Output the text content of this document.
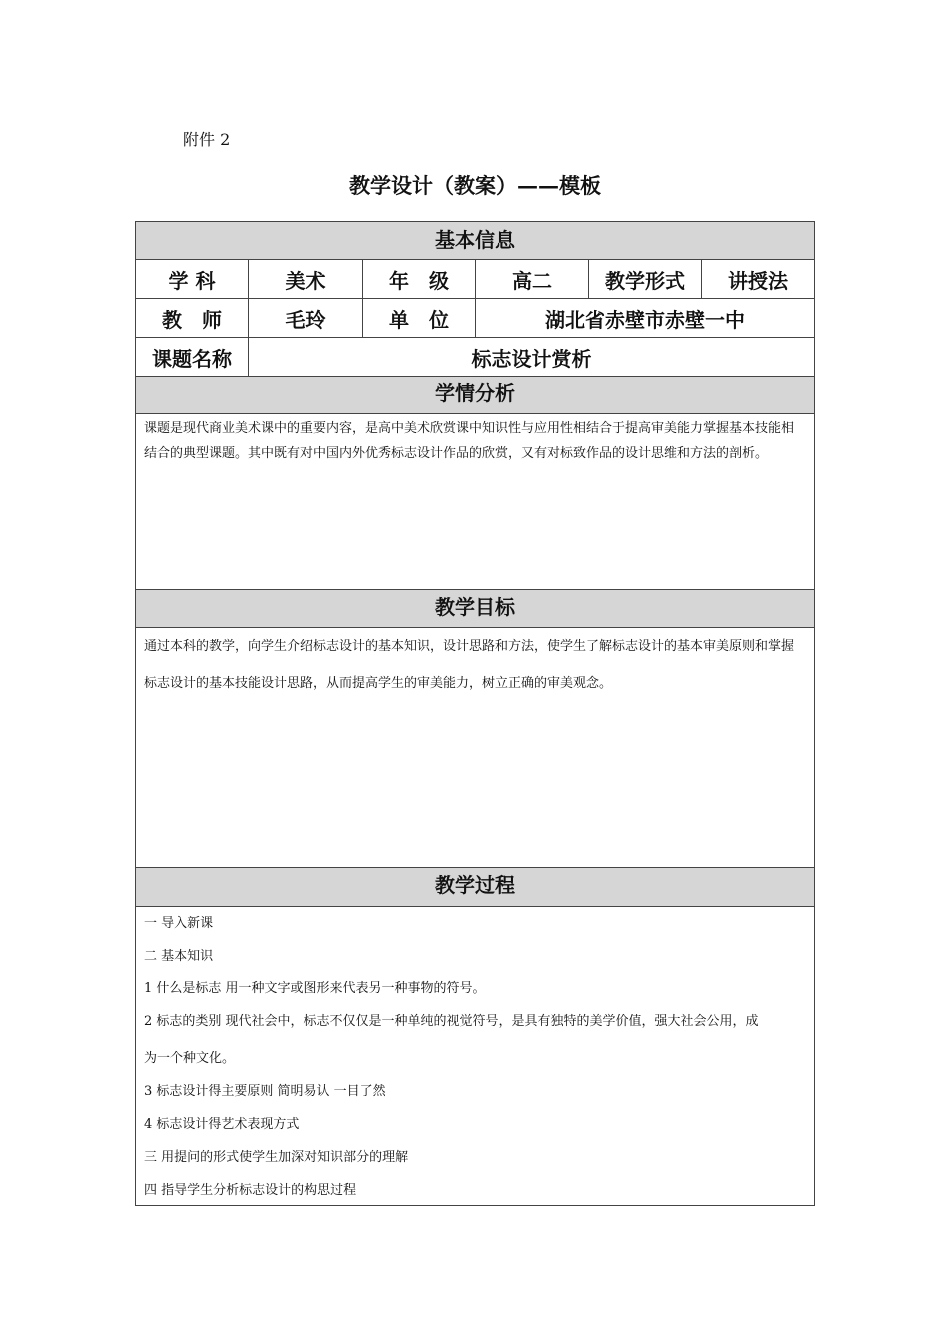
附件 2
教学设计（教案）——模板
基本信息
学 科	美术	年　级	高二	教学形式	讲授法
教　师	毛玲	单　位	湖北省赤壁市赤壁一中
课题名称	标志设计赏析
学情分析
课题是现代商业美术课中的重要内容，是高中美术欣赏课中知识性与应用性相结合于提高审美能力掌握基本技能相结合的典型课题。其中既有对中国内外优秀标志设计作品的欣赏，又有对标致作品的设计思维和方法的剖析。
教学目标
通过本科的教学，向学生介绍标志设计的基本知识，设计思路和方法，使学生了解标志设计的基本审美原则和掌握标志设计的基本技能设计思路，从而提高学生的审美能力，树立正确的审美观念。
教学过程
一 导入新课
二 基本知识
1 什么是标志 用一种文字或图形来代表另一种事物的符号。
2 标志的类别 现代社会中，标志不仅仅是一种单纯的视觉符号，是具有独特的美学价值，强大社会公用，成
为一个种文化。
3 标志设计得主要原则 简明易认 一目了然
4 标志设计得艺术表现方式
三 用提问的形式使学生加深对知识部分的理解
四 指导学生分析标志设计的构思过程
